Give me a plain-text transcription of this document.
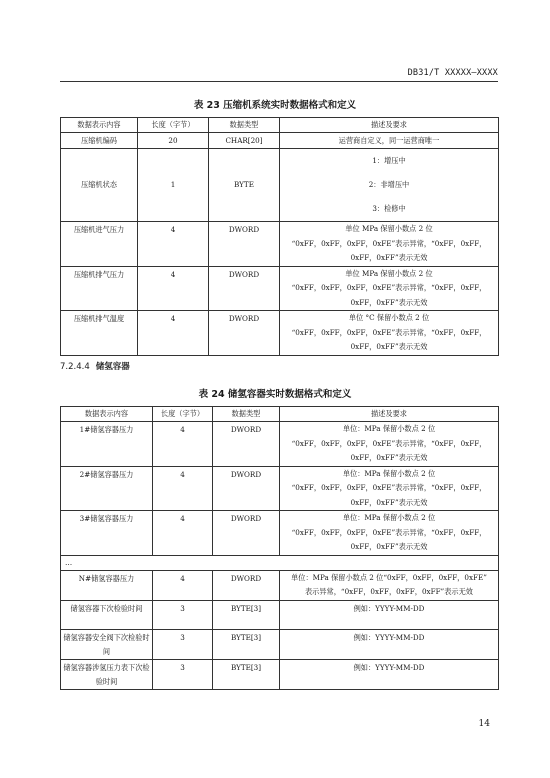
DB31/T XXXXX—XXXX
表 23 压缩机系统实时数据格式和定义
数据表示内容	长度（字节）	数据类型	描述及要求
压缩机编码	20	CHAR[20]	运营商自定义，同一运营商唯一
压缩机状态	1	BYTE	1：增压中
2：非增压中
3：检修中

压缩机进气压力	4	DWORD	单位 MPa 保留小数点 2 位
“0xFF，0xFF，0xFF，0xFE”表示异常，“0xFF，0xFF，
0xFF，0xFF”表示无效

压缩机排气压力	4	DWORD	单位 MPa 保留小数点 2 位
“0xFF，0xFF，0xFF，0xFE”表示异常，“0xFF，0xFF，
0xFF，0xFF”表示无效

压缩机排气温度	4	DWORD	单位 °C 保留小数点 2 位
“0xFF，0xFF，0xFF，0xFE”表示异常，“0xFF，0xFF，
0xFF，0xFF”表示无效
7.2.4.4 储氢容器
表 24 储氢容器实时数据格式和定义
数据表示内容	长度（字节）	数据类型	描述及要求
1#储氢容器压力	4	DWORD	单位：MPa 保留小数点 2 位
“0xFF，0xFF，0xFF，0xFE”表示异常，“0xFF，0xFF，
0xFF，0xFF”表示无效

2#储氢容器压力	4	DWORD	单位：MPa 保留小数点 2 位
“0xFF，0xFF，0xFF，0xFE”表示异常，“0xFF，0xFF，
0xFF，0xFF”表示无效

3#储氢容器压力	4	DWORD	单位：MPa 保留小数点 2 位
“0xFF，0xFF，0xFF，0xFE”表示异常，“0xFF，0xFF，
0xFF，0xFF”表示无效

…			
N#储氢容器压力	4	DWORD	单位：MPa 保留小数点 2 位“0xFF，0xFF，0xFF，0xFE”
表示异常，“0xFF，0xFF，0xFF，0xFF”表示无效

储氢容器下次检验时间	3	BYTE[3]	例如：YYYY-MM-DD
储氢容器安全阀下次检验时间	3	BYTE[3]	例如：YYYY-MM-DD
储氢容器涉氢压力表下次检验时间	3	BYTE[3]	例如：YYYY-MM-DD
14
